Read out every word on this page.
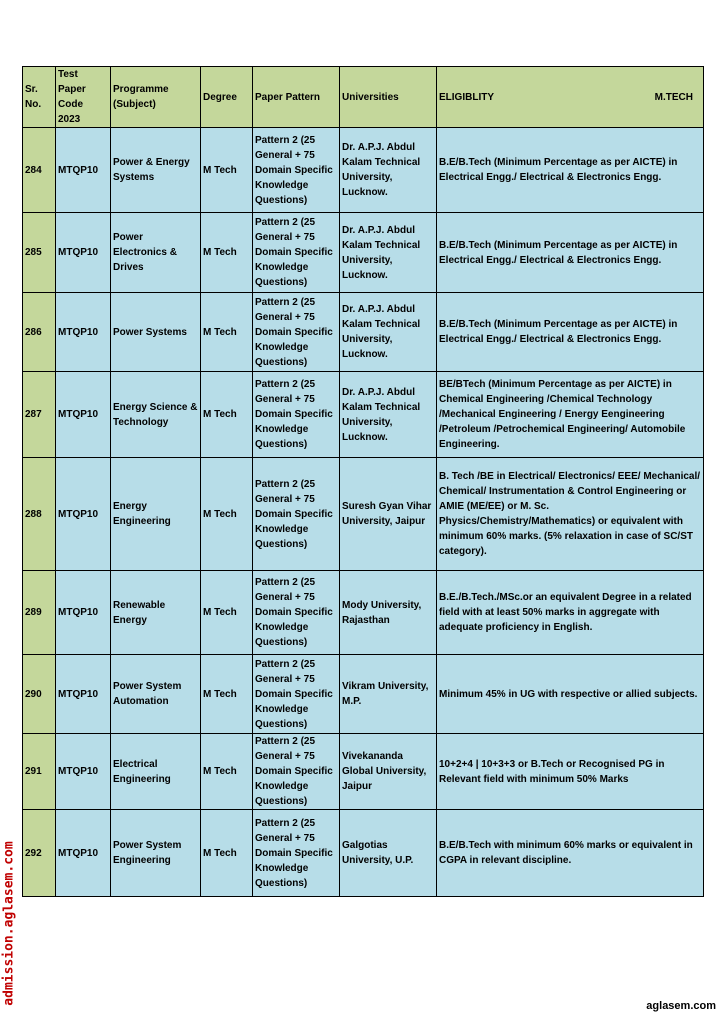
Sr. No.	Test Paper Code 2023	Programme (Subject)	Degree	Paper Pattern	Universities	ELIGIBLITY M.TECH

284	MTQP10	Power & Energy Systems	M Tech	Pattern 2 (25 General + 75 Domain Specific Knowledge Questions)	Dr. A.P.J. Abdul Kalam Technical University, Lucknow.	B.E/B.Tech (Minimum Percentage as per AICTE) in Electrical Engg./ Electrical & Electronics Engg.
285	MTQP10	Power Electronics & Drives	M Tech	Pattern 2 (25 General + 75 Domain Specific Knowledge Questions)	Dr. A.P.J. Abdul Kalam Technical University, Lucknow.	B.E/B.Tech (Minimum Percentage as per AICTE) in Electrical Engg./ Electrical & Electronics Engg.
286	MTQP10	Power Systems	M Tech	Pattern 2 (25 General + 75 Domain Specific Knowledge Questions)	Dr. A.P.J. Abdul Kalam Technical University, Lucknow.	B.E/B.Tech (Minimum Percentage as per AICTE) in Electrical Engg./ Electrical & Electronics Engg.
287	MTQP10	Energy Science & Technology	M Tech	Pattern 2 (25 General + 75 Domain Specific Knowledge Questions)	Dr. A.P.J. Abdul Kalam Technical University, Lucknow.	BE/BTech (Minimum Percentage as per AICTE) in Chemical Engineering /Chemical Technology /Mechanical Engineering / Energy Eengineering /Petroleum /Petrochemical Engineering/ Automobile Engineering.
288	MTQP10	Energy Engineering	M Tech	Pattern 2 (25 General + 75 Domain Specific Knowledge Questions)	Suresh Gyan Vihar University, Jaipur	B. Tech /BE in Electrical/ Electronics/ EEE/ Mechanical/ Chemical/ Instrumentation & Control Engineering or AMIE (ME/EE) or M. Sc. Physics/Chemistry/Mathematics) or equivalent with minimum 60% marks. (5% relaxation in case of SC/ST category).
289	MTQP10	Renewable Energy	M Tech	Pattern 2 (25 General + 75 Domain Specific Knowledge Questions)	Mody University, Rajasthan	B.E./B.Tech./MSc.or an equivalent Degree in a related field with at least 50% marks in aggregate with adequate proficiency in English.
290	MTQP10	Power System Automation	M Tech	Pattern 2 (25 General + 75 Domain Specific Knowledge Questions)	Vikram University, M.P.	Minimum 45% in UG with respective or allied subjects.
291	MTQP10	Electrical Engineering	M Tech	Pattern 2 (25 General + 75 Domain Specific Knowledge Questions)	Vivekananda Global University, Jaipur	10+2+4 | 10+3+3 or B.Tech or Recognised PG in Relevant field with minimum 50% Marks
292	MTQP10	Power System Engineering	M Tech	Pattern 2 (25 General + 75 Domain Specific Knowledge Questions)	Galgotias University, U.P.	B.E/B.Tech with minimum 60% marks or equivalent in CGPA in relevant discipline.
admission.aglasem.com
aglasem.com
